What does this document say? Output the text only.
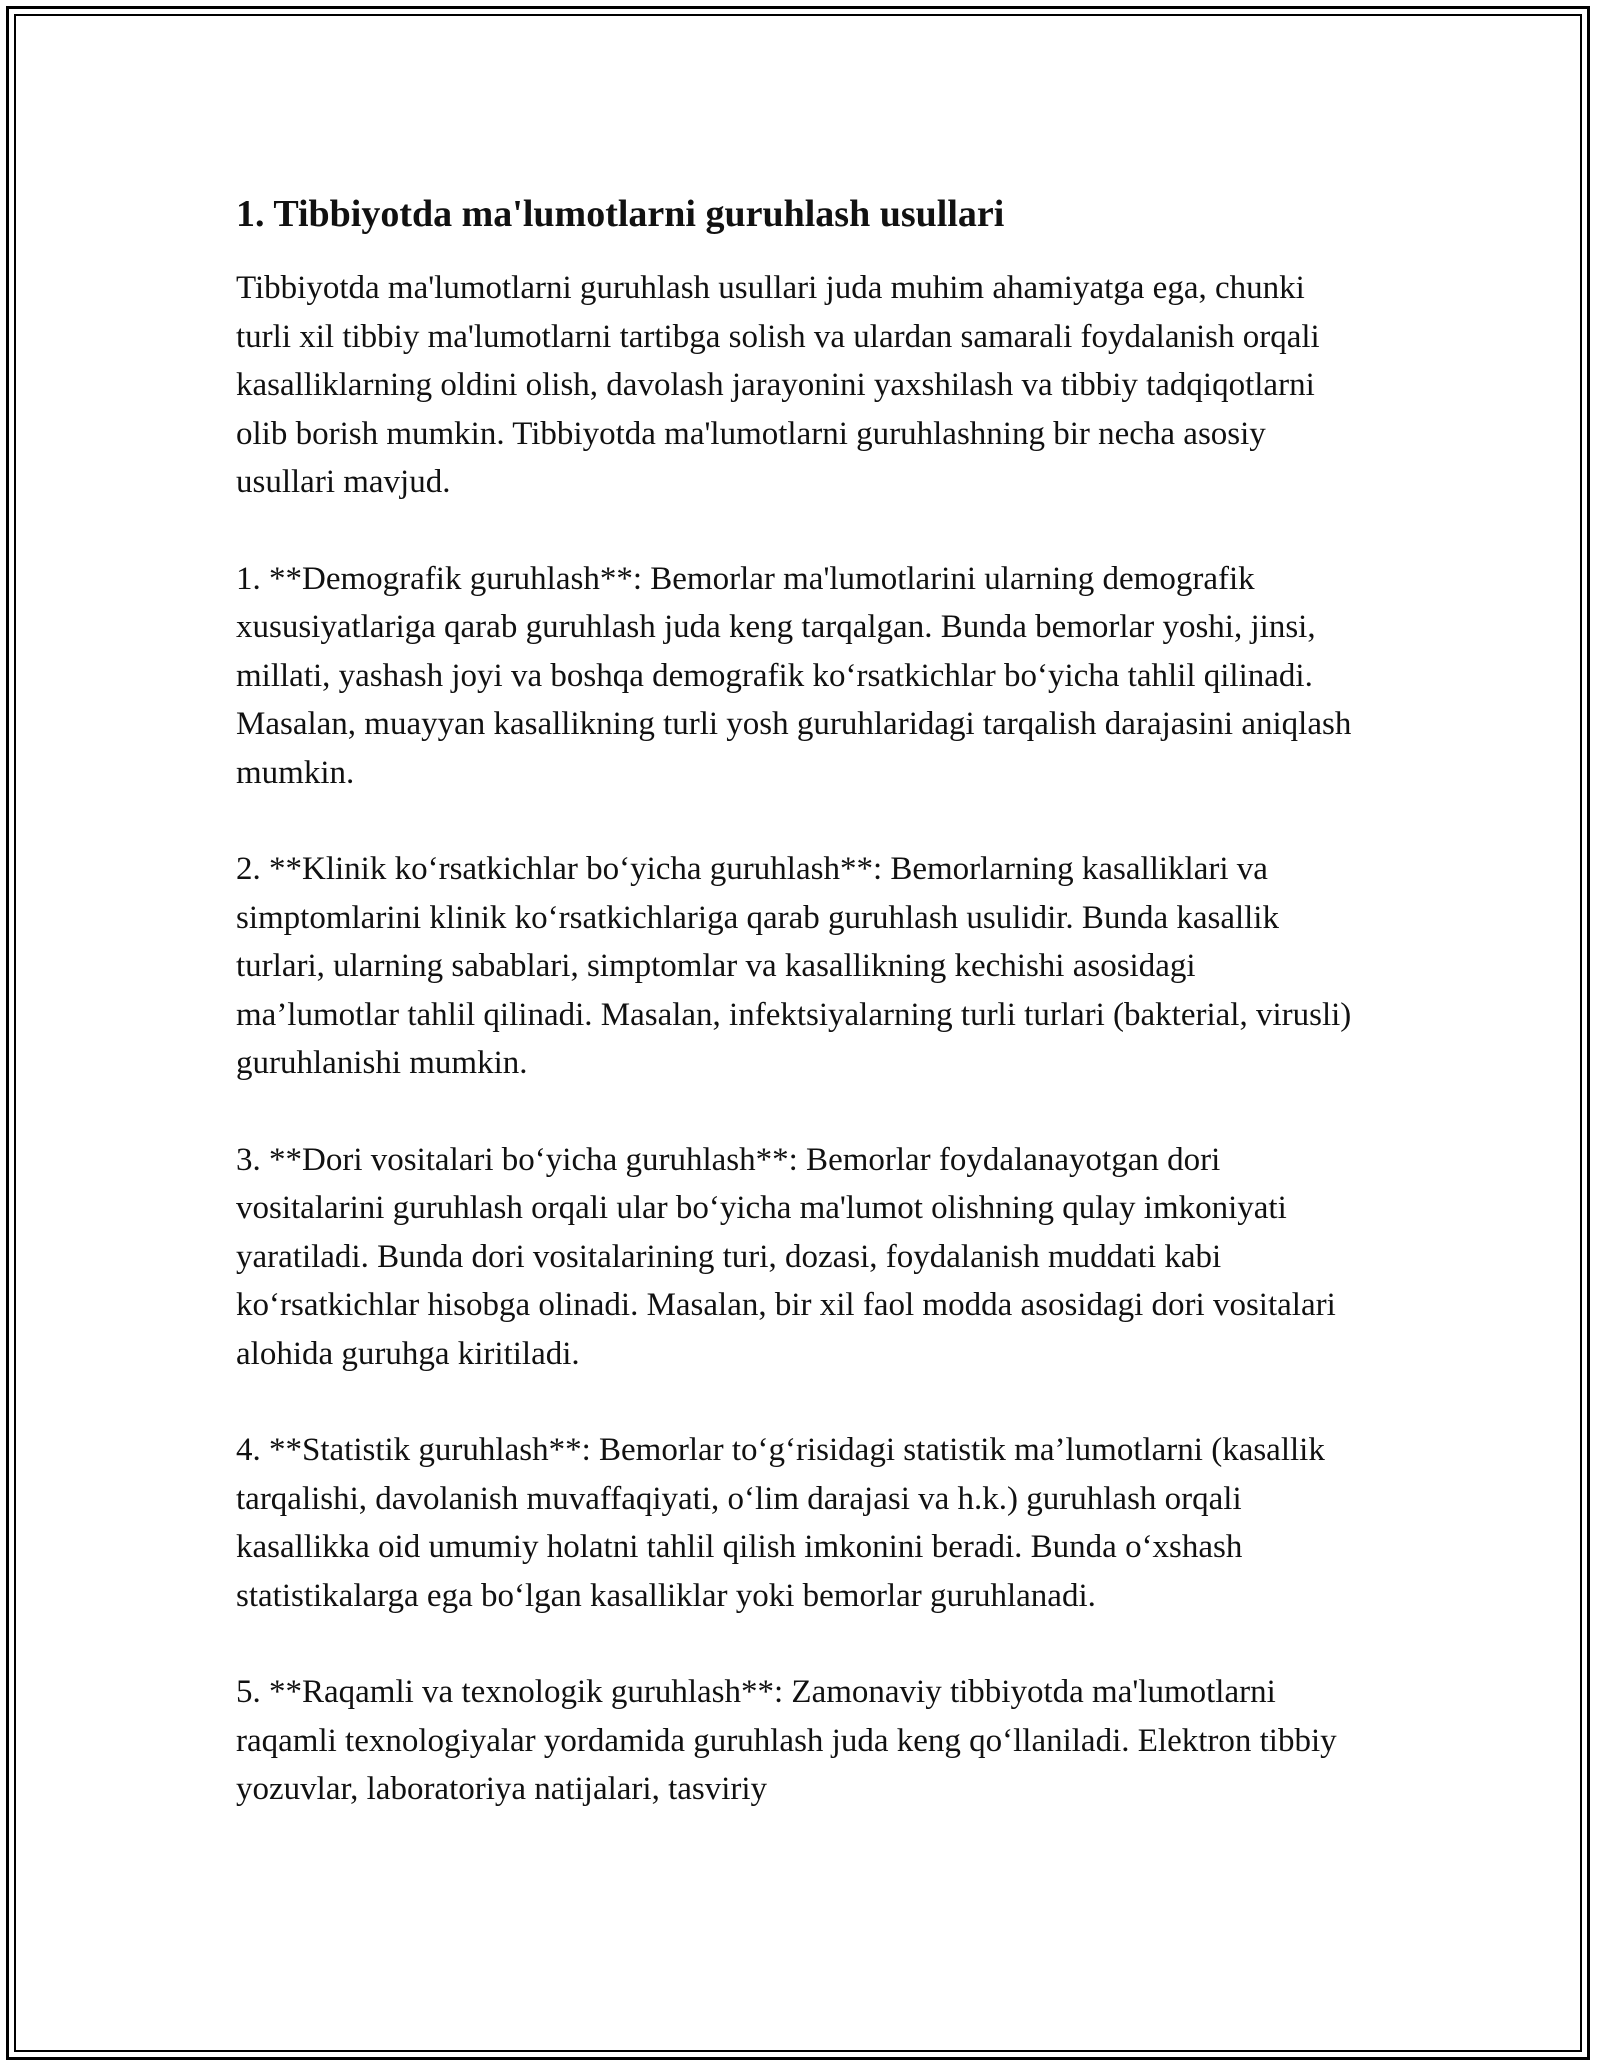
1. Tibbiyotda ma'lumotlarni guruhlash usullari

Tibbiyotda ma'lumotlarni guruhlash usullari juda muhim ahamiyatga ega, chunki turli xil tibbiy ma'lumotlarni tartibga solish va ulardan samarali foydalanish orqali kasalliklarning oldini olish, davolash jarayonini yaxshilash va tibbiy tadqiqotlarni olib borish mumkin. Tibbiyotda ma'lumotlarni guruhlashning bir necha asosiy usullari mavjud.

1. **Demografik guruhlash**: Bemorlar ma'lumotlarini ularning demografik xususiyatlariga qarab guruhlash juda keng tarqalgan. Bunda bemorlar yoshi, jinsi, millati, yashash joyi va boshqa demografik ko‘rsatkichlar bo‘yicha tahlil qilinadi. Masalan, muayyan kasallikning turli yosh guruhlaridagi tarqalish darajasini aniqlash mumkin.

2. **Klinik ko‘rsatkichlar bo‘yicha guruhlash**: Bemorlarning kasalliklari va simptomlarini klinik ko‘rsatkichlariga qarab guruhlash usulidir. Bunda kasallik turlari, ularning sabablari, simptomlar va kasallikning kechishi asosidagi ma’lumotlar tahlil qilinadi. Masalan, infektsiyalarning turli turlari (bakterial, virusli) guruhlanishi mumkin.

3. **Dori vositalari bo‘yicha guruhlash**: Bemorlar foydalanayotgan dori vositalarini guruhlash orqali ular bo‘yicha ma'lumot olishning qulay imkoniyati yaratiladi. Bunda dori vositalarining turi, dozasi, foydalanish muddati kabi ko‘rsatkichlar hisobga olinadi. Masalan, bir xil faol modda asosidagi dori vositalari alohida guruhga kiritiladi.

4. **Statistik guruhlash**: Bemorlar to‘g‘risidagi statistik ma’lumotlarni (kasallik tarqalishi, davolanish muvaffaqiyati, o‘lim darajasi va h.k.) guruhlash orqali kasallikka oid umumiy holatni tahlil qilish imkonini beradi. Bunda o‘xshash statistikalarga ega bo‘lgan kasalliklar yoki bemorlar guruhlanadi.

5. **Raqamli va texnologik guruhlash**: Zamonaviy tibbiyotda ma'lumotlarni raqamli texnologiyalar yordamida guruhlash juda keng qo‘llaniladi. Elektron tibbiy yozuvlar, laboratoriya natijalari, tasviriy
